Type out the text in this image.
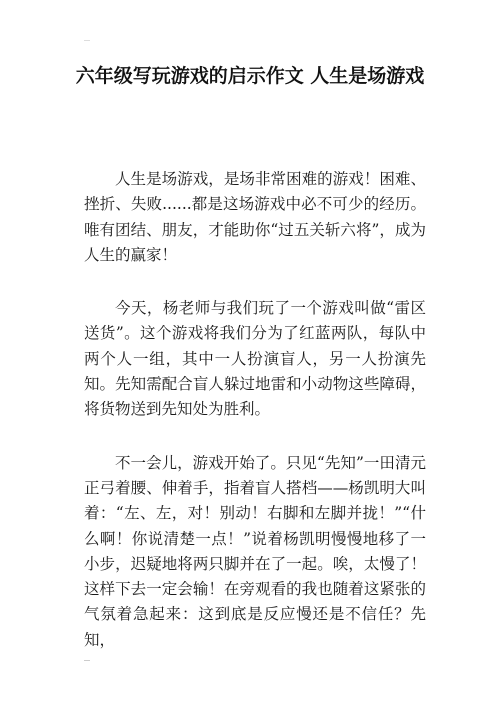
六年级写玩游戏的启示作文 人生是场游戏

人生是场游戏，是场非常困难的游戏！困难、挫折、失败......都是这场游戏中必不可少的经历。唯有团结、朋友，才能助你“过五关斩六将”，成为人生的赢家！

今天，杨老师与我们玩了一个游戏叫做“雷区送货”。这个游戏将我们分为了红蓝两队，每队中两个人一组，其中一人扮演盲人，另一人扮演先知。先知需配合盲人躲过地雷和小动物这些障碍，将货物送到先知处为胜利。

不一会儿，游戏开始了。只见“先知”一田清元正弓着腰、伸着手，指着盲人搭档——杨凯明大叫着：“左、左，对！别动！右脚和左脚并拢！”“什么啊！你说清楚一点！”说着杨凯明慢慢地移了一小步，迟疑地将两只脚并在了一起。唉，太慢了！这样下去一定会输！在旁观看的我也随着这紧张的气氛着急起来：这到底是反应慢还是不信任？先知，
